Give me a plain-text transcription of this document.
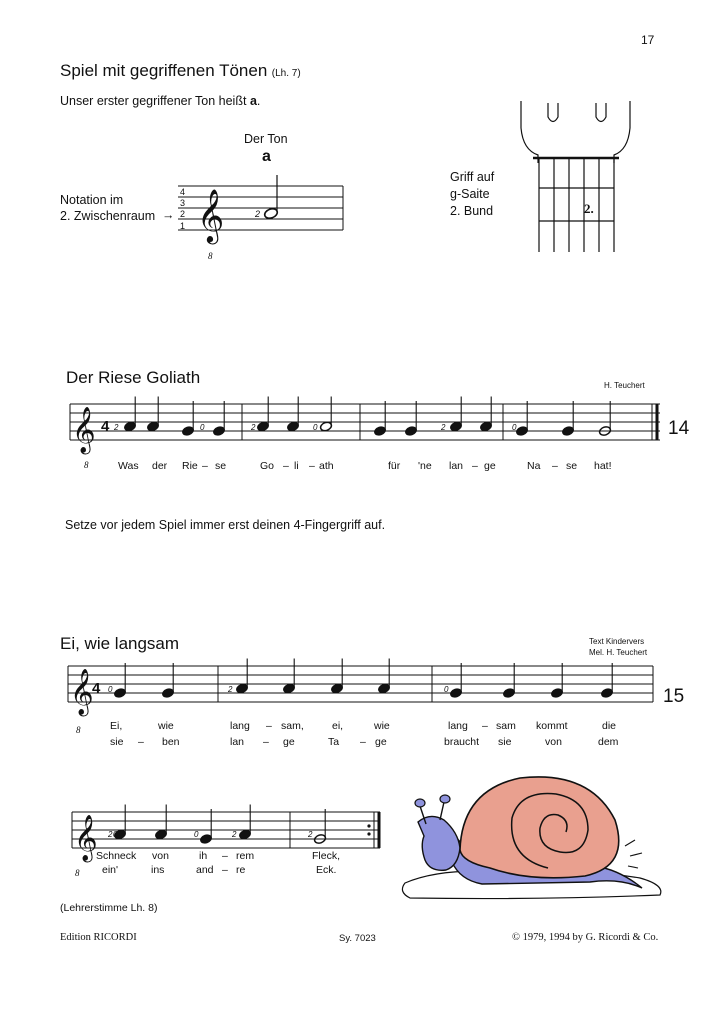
17
Spiel mit gegriffenen Tönen (Lh. 7)
Unser erster gegriffener Ton heißt a.
Der Ton
a
Notation im
2. Zwischenraum →
4
3
2
1
2
𝄞
8
𝄞
8
𝄞
8
𝄞
8
2.
Griff auf
g-Saite
2. Bund
Der Riese Goliath	H. Teuchert
14
4
Was der Rie – se	Go – li – ath	für 'ne lan – ge	Na – se hat!
2	0	2	0	2	0
Setze vor jedem Spiel immer erst deinen 4-Fingergriff auf.
Ei, wie langsam	Text Kindervers
Mel. H. Teuchert
15
4
Ei,	wie	lang – sam,	ei,	wie	lang – sam kommt	die
sie – ben	lan – ge	Ta – ge	braucht sie	von	dem
Schneck von	ih – rem	Fleck,
ein'	ins	and – re	Eck.
0	2	0
2	0	2	2
0
(Lehrerstimme Lh. 8)
Edition RICORDI	Sy. 7023	© 1979, 1994 by G. Ricordi & Co.
